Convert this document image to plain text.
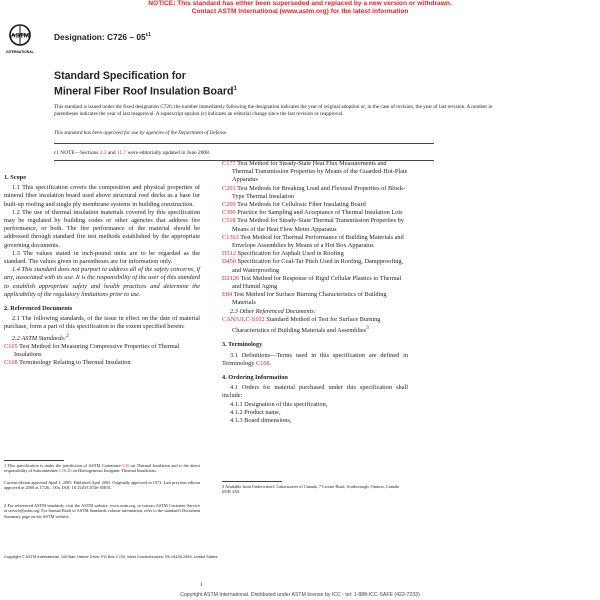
NOTICE: This standard has either been superseded and replaced by a new version or withdrawn.
Contact ASTM International (www.astm.org) for the latest information
ASTM
INTERNATIONAL
Designation: $C726 - 05^{\varepsilon 1}$
Standard Specification for
Mineral Fiber Roof Insulation Board$^1$
This standard is issued under the fixed designation C726; the number immediately following the designation indicates the year of original adoption or, in the case of revision, the year of last revision. A number in parentheses indicates the year of last reapproval. A superscript epsilon (ε) indicates an editorial change since the last revision or reapproval.
This standard has been approved for use by agencies of the Department of Defense.
ε1 NOTE—Sections 2.3 and 11.7 were editorially updated in June 2008.
1. Scope

1.1 This specification covers the composition and physical properties of mineral fiber insulation board used above structural roof decks as a base for built-up roofing and single ply membrane systems in building construction.

1.2 The use of thermal insulation materials covered by this specification may be regulated by building codes or other agencies that address fire performance, or both. The fire performance of the material should be addressed through standard fire test methods established by the appropriate governing documents.

1.3 The values stated in inch-pound units are to be regarded as the standard. The values given in parentheses are for information only.

1.4 This standard does not purport to address all of the safety concerns, if any, associated with its use. It is the responsibility of the user of this standard to establish appropriate safety and health practices and determine the applicability of the regulatory limitations prior to use.

2. Referenced Documents

2.1 The following standards, of the issue in effect on the date of material purchase, form a part of this specification to the extent specified herein:

2.2 ASTM Standards:$^2$

C165 Test Method for Measuring Compressive Properties of Thermal Insulations

C168 Terminology Relating to Thermal Insulation

1 This specification is under the jurisdiction of ASTM Committee C16 on Thermal Insulation and is the direct responsibility of Subcommittee C16.20 on Homogeneous Inorganic Thermal Insulations.
Current edition approved April 1, 2005. Published April 2005. Originally approved in 1972. Last previous edition approved in 2000 as C726 – 00a. DOI: 10.1520/C0726-05E01.
2 For referenced ASTM standards, visit the ASTM website, www.astm.org, or contact ASTM Customer Service at service@astm.org. For Annual Book of ASTM Standards volume information, refer to the standard's Document Summary page on the ASTM website.

C177 Test Method for Steady-State Heat Flux Measurements and Thermal Transmission Properties by Means of the Guarded-Hot-Plate Apparatus

C203 Test Methods for Breaking Load and Flexural Properties of Block-Type Thermal Insulation

C209 Test Methods for Cellulosic Fiber Insulating Board

C390 Practice for Sampling and Acceptance of Thermal Insulation Lots

C518 Test Method for Steady-State Thermal Transmission Properties by Means of the Heat Flow Meter Apparatus

C1363 Test Method for Thermal Performance of Building Materials and Envelope Assemblies by Means of a Hot Box Apparatus

D312 Specification for Asphalt Used in Roofing

D450 Specification for Coal-Tar Pitch Used in Roofing, Dampproofing, and Waterproofing

D2126 Test Method for Response of Rigid Cellular Plastics to Thermal and Humid Aging

E84 Test Method for Surface Burning Characteristics of Building Materials

2.3 Other Referenced Documents:

CAN/ULC-S102 Standard Method of Test for Surface Burning Characteristics of Building Materials and Assemblies$^3$

3. Terminology

3.1 Definitions—Terms used in this specification are defined in Terminology C168.

4. Ordering Information

4.1 Orders for material purchased under this specification shall include:

4.1.1 Designation of this specification,

4.1.2 Product name,

4.1.3 Board dimensions,

3 Available from Underwriters' Laboratories of Canada, 7 Crouse Road, Scarborough, Ontario, Canada M1R 3A9.
Copyright © ASTM International, 100 Barr Harbor Drive, PO Box C700, West Conshohocken, PA 19428-2959, United States.
1
Copyright ASTM International. Distributed under ASTM license by ICC - tel: 1-888-ICC-SAFE (422-7233)
